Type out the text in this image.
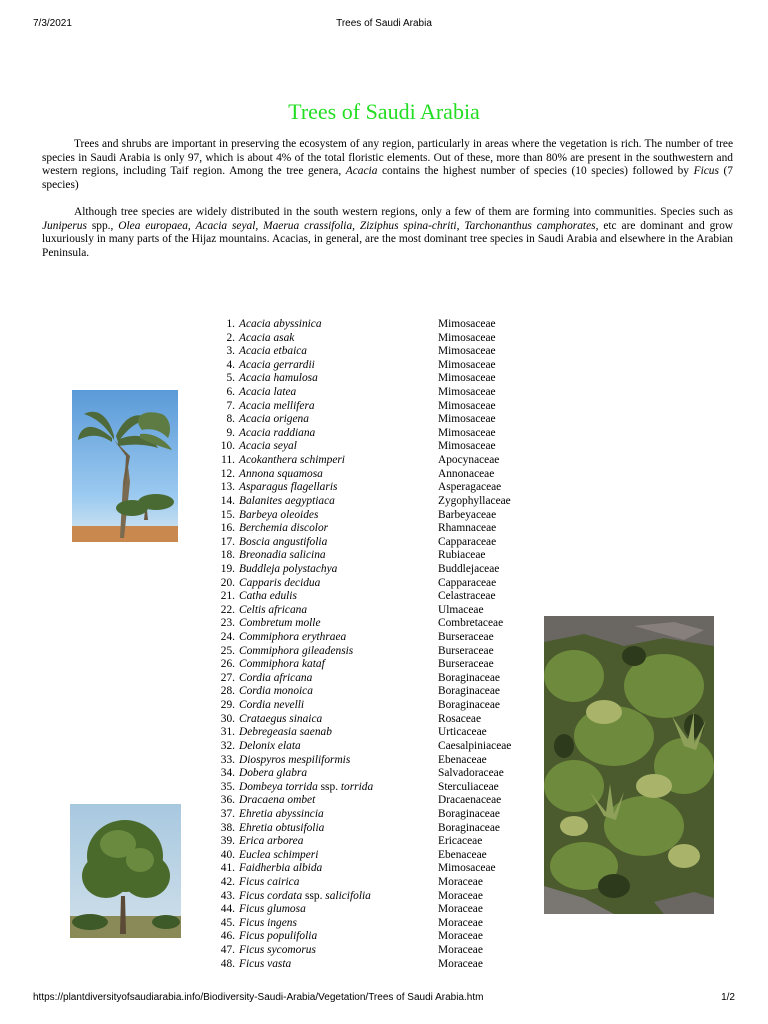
7/3/2021	Trees of Saudi Arabia
Trees of Saudi Arabia

Trees and shrubs are important in preserving the ecosystem of any region, particularly in areas where the vegetation is rich. The number of tree species in Saudi Arabia is only 97, which is about 4% of the total floristic elements. Out of these, more than 80% are present in the southwestern and western regions, including Taif region. Among the tree genera, Acacia contains the highest number of species (10 species) followed by Ficus (7 species)

Although tree species are widely distributed in the south western regions, only a few of them are forming into communities. Species such as Juniperus spp., Olea europaea, Acacia seyal, Maerua crassifolia, Ziziphus spina-chriti, Tarchonanthus camphorates, etc are dominant and grow luxuriously in many parts of the Hijaz mountains. Acacias, in general, are the most dominant tree species in Saudi Arabia and elsewhere in the Arabian Peninsula.

1. Acacia abyssinica	Mimosaceae
2. Acacia asak	Mimosaceae
3. Acacia etbaica	Mimosaceae
4. Acacia gerrardii	Mimosaceae
5. Acacia hamulosa	Mimosaceae
6. Acacia latea	Mimosaceae
7. Acacia mellifera	Mimosaceae
8. Acacia origena	Mimosaceae
9. Acacia raddiana	Mimosaceae
10. Acacia seyal	Mimosaceae
11. Acokanthera schimperi	Apocynaceae
12. Annona squamosa	Annonaceae
13. Asparagus flagellaris	Asperagaceae
14. Balanites aegyptiaca	Zygophyllaceae
15. Barbeya oleoides	Barbeyaceae
16. Berchemia discolor	Rhamnaceae
17. Boscia angustifolia	Capparaceae
18. Breonadia salicina	Rubiaceae
19. Buddleja polystachya	Buddlejaceae
20. Capparis decidua	Capparaceae
21. Catha edulis	Celastraceae
22. Celtis africana	Ulmaceae
23. Combretum molle	Combretaceae
24. Commiphora erythraea	Burseraceae
25. Commiphora gileadensis	Burseraceae
26. Commiphora kataf	Burseraceae
27. Cordia africana	Boraginaceae
28. Cordia monoica	Boraginaceae
29. Cordia nevelli	Boraginaceae
30. Crataegus sinaica	Rosaceae
31. Debregeasia saenab	Urticaceae
32. Delonix elata	Caesalpiniaceae
33. Diospyros mespiliformis	Ebenaceae
34. Dobera glabra	Salvadoraceae
35. Dombeya torrida ssp. torrida	Sterculiaceae
36. Dracaena ombet	Dracaenaceae
37. Ehretia abyssincia	Boraginaceae
38. Ehretia obtusifolia	Boraginaceae
39. Erica arborea	Ericaceae
40. Euclea schimperi	Ebenaceae
41. Faidherbia albida	Mimosaceae
42. Ficus cairica	Moraceae
43. Ficus cordata ssp. salicifolia	Moraceae
44. Ficus glumosa	Moraceae
45. Ficus ingens	Moraceae
46. Ficus populifolia	Moraceae
47. Ficus sycomorus	Moraceae
48. Ficus vasta	Moraceae
https://plantdiversityofsaudiarabia.info/Biodiversity-Saudi-Arabia/Vegetation/Trees of Saudi Arabia.htm	1/2
